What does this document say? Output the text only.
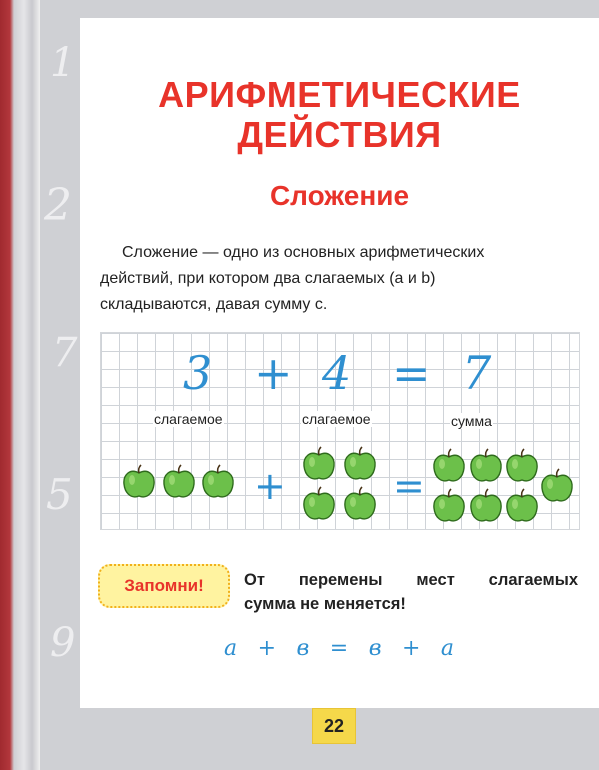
1
2
7
5
9
АРИФМЕТИЧЕСКИЕ
ДЕЙСТВИЯ
Сложение
Сложение — одно из основных арифметических
действий, при котором два слагаемых (a и b)
складываются, давая сумму c.
3 + 4 = 7
слагаемое	слагаемое	сумма
+	=
Запомни!	От перемены мест слагаемых
сумма не меняется!
a + в = в + a
22
